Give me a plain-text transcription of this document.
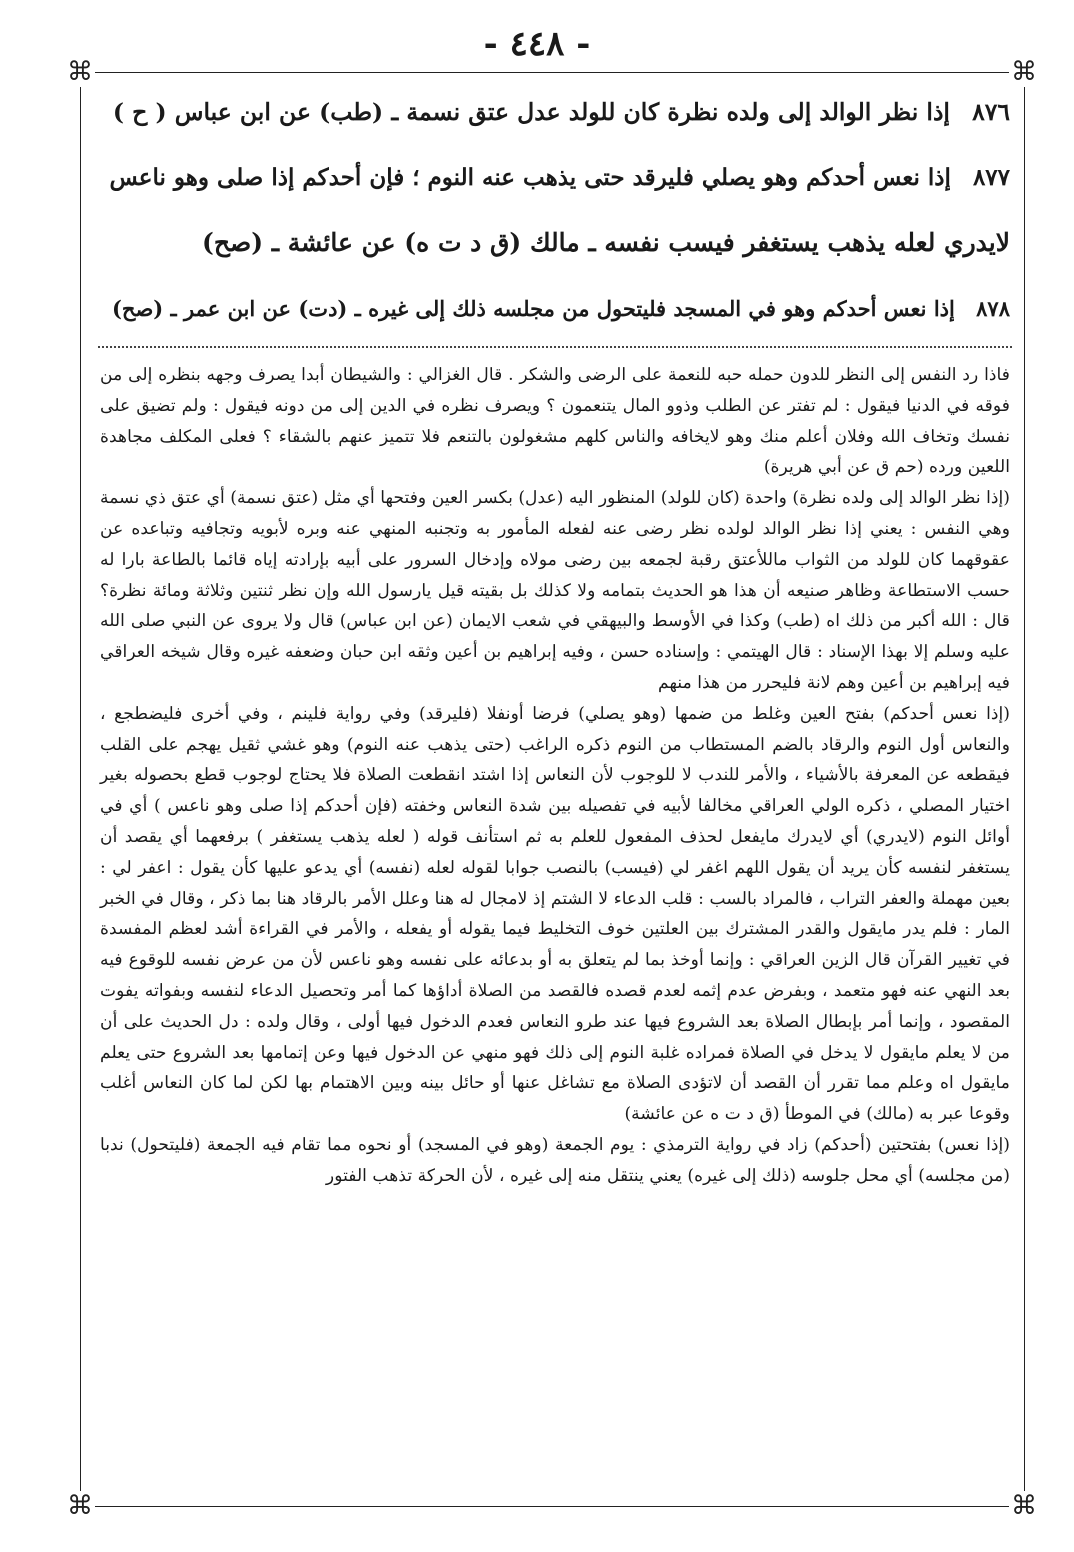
- ٤٤٨ -
⌘	⌘
⌘	⌘
٨٧٦ إذا نظر الوالد إلى ولده نظرة كان للولد عدل عتق نسمة ـ (طب) عن ابن عباس ( ح )
٨٧٧ إذا نعس أحدكم وهو يصلي فليرقد حتى يذهب عنه النوم ؛ فإن أحدكم إذا صلى وهو ناعس
لايدري لعله يذهب يستغفر فيسب نفسه ـ مالك (ق د ت ه) عن عائشة ـ (صح)
٨٧٨ إذا نعس أحدكم وهو في المسجد فليتحول من مجلسه ذلك إلى غيره ـ (دت) عن ابن عمر ـ (صح)

فاذا رد النفس إلى النظر للدون حمله حبه للنعمة على الرضى والشكر . قال الغزالي : والشيطان أبدا يصرف وجهه بنظره إلى من فوقه في الدنيا فيقول : لم تفتر عن الطلب وذوو المال يتنعمون ؟ ويصرف نظره في الدين إلى من دونه فيقول : ولم تضيق على نفسك وتخاف الله وفلان أعلم منك وهو لايخافه والناس كلهم مشغولون بالتنعم فلا تتميز عنهم بالشقاء ؟ فعلى المكلف مجاهدة اللعين ورده (حم ق عن أبي هريرة)

(إذا نظر الوالد إلى ولده نظرة) واحدة (كان للولد) المنظور اليه (عدل) بكسر العين وفتحها أي مثل (عتق نسمة) أي عتق ذي نسمة وهي النفس : يعني إذا نظر الوالد لولده نظر رضى عنه لفعله المأمور به وتجنبه المنهي عنه وبره لأبويه وتجافيه وتباعده عن عقوقهما كان للولد من الثواب ماللأعتق رقبة لجمعه بين رضى مولاه وإدخال السرور على أبيه بإرادته إياه قائما بالطاعة بارا له حسب الاستطاعة وظاهر صنيعه أن هذا هو الحديث بتمامه ولا كذلك بل بقيته قيل يارسول الله وإن نظر ثنتين وثلاثة ومائة نظرة؟ قال : الله أكبر من ذلك اه (طب) وكذا في الأوسط والبيهقي في شعب الايمان (عن ابن عباس) قال ولا يروى عن النبي صلى الله عليه وسلم إلا بهذا الإسناد : قال الهيتمي : وإسناده حسن ، وفيه إبراهيم بن أعين وثقه ابن حبان وضعفه غيره وقال شيخه العراقي فيه إبراهيم بن أعين وهم لانة فليحرر من هذا منهم

(إذا نعس أحدكم) بفتح العين وغلط من ضمها (وهو يصلي) فرضا أونفلا (فليرقد) وفي رواية فلينم ، وفي أخرى فليضطجع ، والنعاس أول النوم والرقاد بالضم المستطاب من النوم ذكره الراغب (حتى يذهب عنه النوم) وهو غشي ثقيل يهجم على القلب فيقطعه عن المعرفة بالأشياء ، والأمر للندب لا للوجوب لأن النعاس إذا اشتد انقطعت الصلاة فلا يحتاج لوجوب قطع بحصوله بغير اختيار المصلي ، ذكره الولي العراقي مخالفا لأبيه في تفصيله بين شدة النعاس وخفته (فإن أحدكم إذا صلى وهو ناعس ) أي في أوائل النوم (لايدري) أي لايدرك مايفعل لحذف المفعول للعلم به ثم استأنف قوله ( لعله يذهب يستغفر ) برفعهما أي يقصد أن يستغفر لنفسه كأن يريد أن يقول اللهم اغفر لي (فيسب) بالنصب جوابا لقوله لعله (نفسه) أي يدعو عليها كأن يقول : اعفر لي : بعين مهملة والعفر التراب ، فالمراد بالسب : قلب الدعاء لا الشتم إذ لامجال له هنا وعلل الأمر بالرقاد هنا بما ذكر ، وقال في الخبر المار : فلم يدر مايقول والقدر المشترك بين العلتين خوف التخليط فيما يقوله أو يفعله ، والأمر في القراءة أشد لعظم المفسدة في تغيير القرآن قال الزين العراقي : وإنما أوخذ بما لم يتعلق به أو بدعائه على نفسه وهو ناعس لأن من عرض نفسه للوقوع فيه بعد النهي عنه فهو متعمد ، وبفرض عدم إثمه لعدم قصده فالقصد من الصلاة أداؤها كما أمر وتحصيل الدعاء لنفسه وبفواته يفوت المقصود ، وإنما أمر بإبطال الصلاة بعد الشروع فيها عند طرو النعاس فعدم الدخول فيها أولى ، وقال ولده : دل الحديث على أن من لا يعلم مايقول لا يدخل في الصلاة فمراده غلبة النوم إلى ذلك فهو منهي عن الدخول فيها وعن إتمامها بعد الشروع حتى يعلم مايقول اه وعلم مما تقرر أن القصد أن لاتؤدى الصلاة مع تشاغل عنها أو حائل بينه وبين الاهتمام بها لكن لما كان النعاس أغلب وقوعا عبر به (مالك) في الموطأ (ق د ت ه عن عائشة)

(إذا نعس) بفتحتين (أحدكم) زاد في رواية الترمذي : يوم الجمعة (وهو في المسجد) أو نحوه مما تقام فيه الجمعة (فليتحول) ندبا (من مجلسه) أي محل جلوسه (ذلك إلى غيره) يعني ينتقل منه إلى غيره ، لأن الحركة تذهب الفتور
